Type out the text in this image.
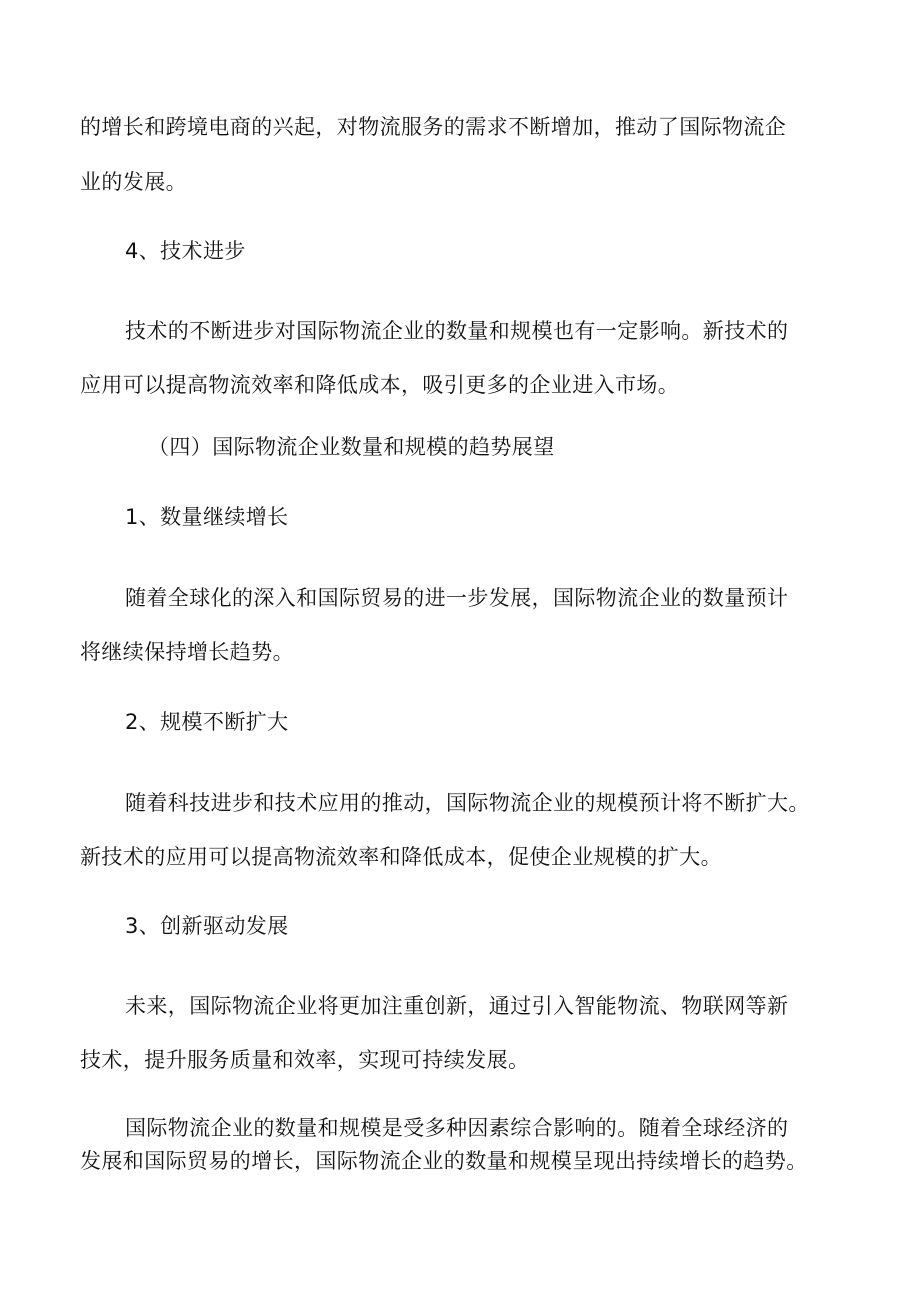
的增长和跨境电商的兴起，对物流服务的需求不断增加，推动了国际物流企
业的发展。
4、技术进步
技术的不断进步对国际物流企业的数量和规模也有一定影响。新技术的
应用可以提高物流效率和降低成本，吸引更多的企业进入市场。
（四）国际物流企业数量和规模的趋势展望
1、数量继续增长
随着全球化的深入和国际贸易的进一步发展，国际物流企业的数量预计
将继续保持增长趋势。
2、规模不断扩大
随着科技进步和技术应用的推动，国际物流企业的规模预计将不断扩大。
新技术的应用可以提高物流效率和降低成本，促使企业规模的扩大。
3、创新驱动发展
未来，国际物流企业将更加注重创新，通过引入智能物流、物联网等新
技术，提升服务质量和效率，实现可持续发展。
国际物流企业的数量和规模是受多种因素综合影响的。随着全球经济的
发展和国际贸易的增长，国际物流企业的数量和规模呈现出持续增长的趋势。
